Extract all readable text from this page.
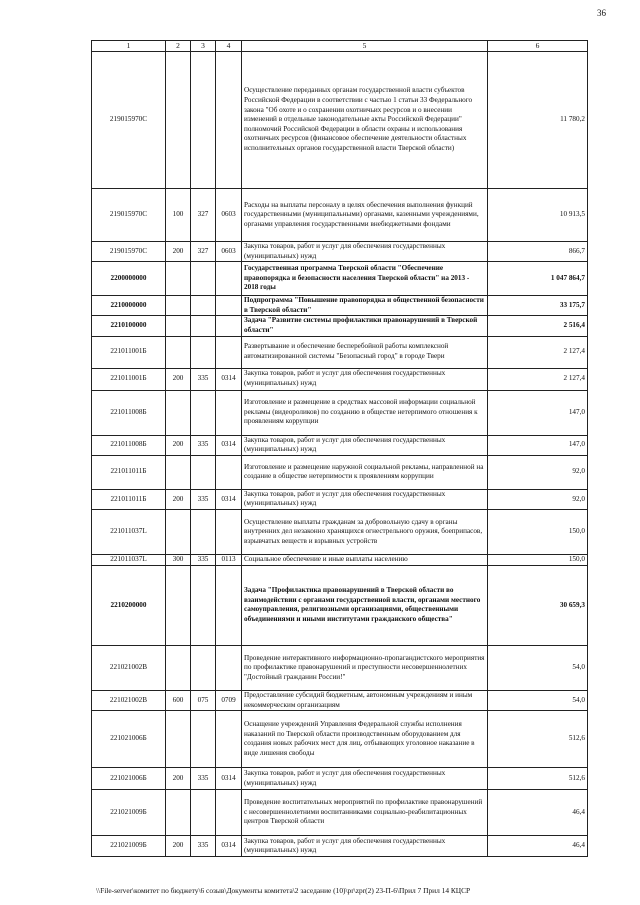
36
1	2	3	4	5	6
219015970С				Осуществление переданных органам государственной власти субъектов Российской Федерации в соответствии с частью 1 статьи 33 Федерального закона "Об охоте и о сохранении охотничьих ресурсов и о внесении изменений в отдельные законодательные акты Российской Федерации" полномочий Российской Федерации в области охраны и использования охотничьих ресурсов (финансовое обеспечение деятельности областных исполнительных органов государственной власти Тверской области)	11 780,2
219015970С	100	327	0603	Расходы на выплаты персоналу в целях обеспечения выполнения функций государственными (муниципальными) органами, казенными учреждениями, органами управления государственными внебюджетными фондами	10 913,5
219015970С	200	327	0603	Закупка товаров, работ и услуг для обеспечения государственных (муниципальных) нужд	866,7
2200000000				Государственная программа Тверской области "Обеспечение правопорядка и безопасности населения Тверской области" на 2013 - 2018 годы	1 047 864,7
2210000000				Подпрограмма "Повышение правопорядка и общественной безопасности в Тверской области"	33 175,7
2210100000				Задача "Развитие системы профилактики правонарушений в Тверской области"	2 516,4
221011001Б				Развертывание и обеспечение бесперебойной работы комплексной автоматизированной системы "Безопасный город" в городе Твери	2 127,4
221011001Б	200	335	0314	Закупка товаров, работ и услуг для обеспечения государственных (муниципальных) нужд	2 127,4
221011008Б				Изготовление и размещение в средствах массовой информации социальной рекламы (видеороликов) по созданию в обществе нетерпимого отношения к проявлениям коррупции	147,0
221011008Б	200	335	0314	Закупка товаров, работ и услуг для обеспечения государственных (муниципальных) нужд	147,0
221011011Б				Изготовление и размещение наружной социальной рекламы, направленной на создание в обществе нетерпимости к проявлениям коррупции	92,0
221011011Б	200	335	0314	Закупка товаров, работ и услуг для обеспечения государственных (муниципальных) нужд	92,0
221011037L				Осуществление выплаты гражданам за добровольную сдачу в органы внутренних дел незаконно хранящихся огнестрельного оружия, боеприпасов, взрывчатых веществ и взрывных устройств	150,0
221011037L	300	335	0113	Социальное обеспечение и иные выплаты населению	150,0
2210200000				Задача "Профилактика правонарушений в Тверской области во взаимодействии с органами государственной власти, органами местного самоуправления, религиозными организациями, общественными объединениями и иными институтами гражданского общества"	30 659,3
221021002В				Проведение интерактивного информационно-пропагандистского мероприятия по профилактике правонарушений и преступности несовершеннолетних "Достойный гражданин России!"	54,0
221021002В	600	075	0709	Предоставление субсидий бюджетным, автономным учреждениям и иным некоммерческим организациям	54,0
221021006Б				Оснащение учреждений Управления Федеральной службы исполнения наказаний по Тверской области производственным оборудованием для создания новых рабочих мест для лиц, отбывающих уголовное наказание в виде лишения свободы	512,6
221021006Б	200	335	0314	Закупка товаров, работ и услуг для обеспечения государственных (муниципальных) нужд	512,6
221021009Б				Проведение воспитательных мероприятий по профилактике правонарушений с несовершеннолетними воспитанниками социально-реабилитационных центров Тверской области	46,4
221021009Б	200	335	0314	Закупка товаров, работ и услуг для обеспечения государственных (муниципальных) нужд	46,4
\\File-server\комитет по бюджету\6 созыв\Документы комитета\2 заседание (10)\pr\zpr(2) 23-П-6\Прил 7 Прил 14 КЦСР
